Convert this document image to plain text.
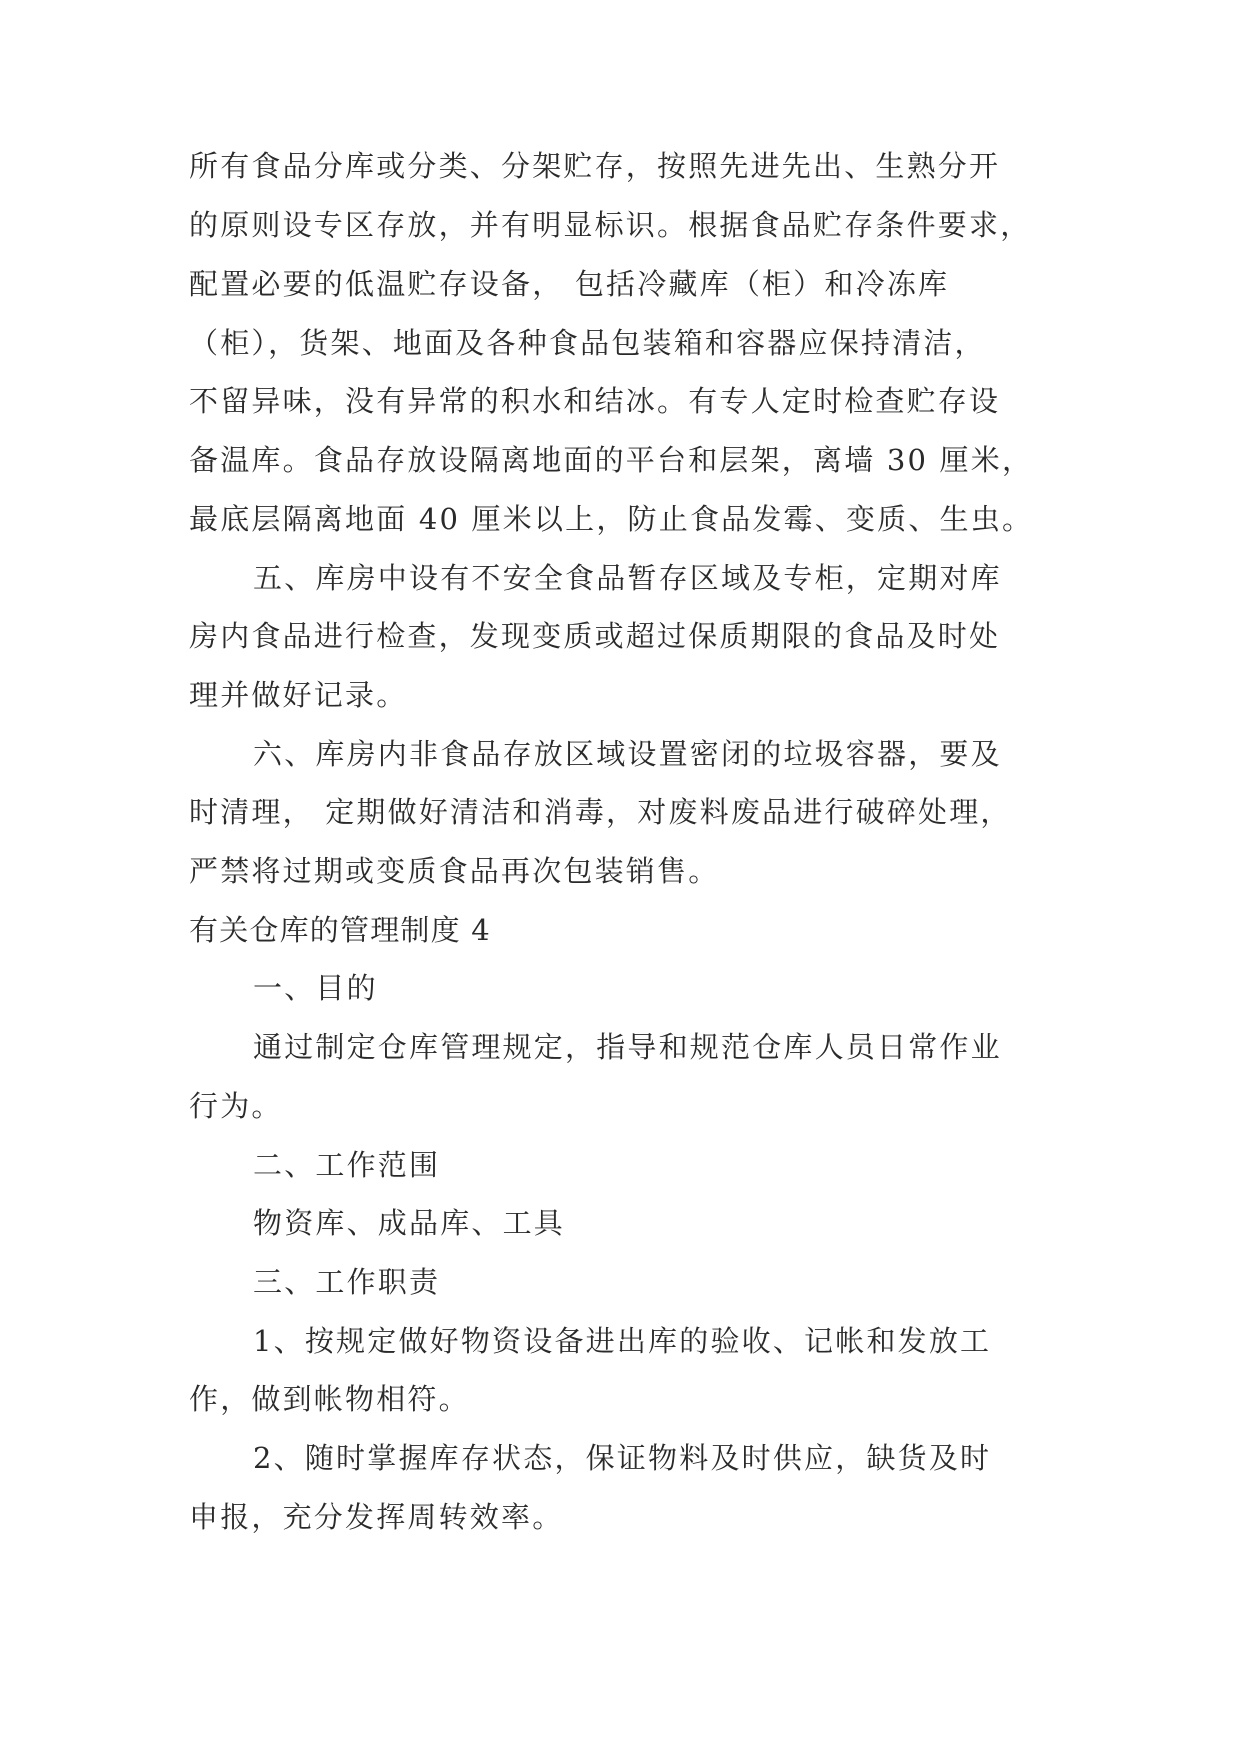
所有食品分库或分类、分架贮存，按照先进先出、生熟分开
的原则设专区存放，并有明显标识。根据食品贮存条件要求，
配置必要的低温贮存设备， 包括冷藏库（柜）和冷冻库
（柜），货架、地面及各种食品包装箱和容器应保持清洁，
不留异味，没有异常的积水和结冰。有专人定时检查贮存设
备温库。食品存放设隔离地面的平台和层架，离墙 30 厘米，
最底层隔离地面 40 厘米以上，防止食品发霉、变质、生虫。
五、库房中设有不安全食品暂存区域及专柜，定期对库
房内食品进行检查，发现变质或超过保质期限的食品及时处
理并做好记录。
六、库房内非食品存放区域设置密闭的垃圾容器，要及
时清理， 定期做好清洁和消毒，对废料废品进行破碎处理，
严禁将过期或变质食品再次包装销售。
有关仓库的管理制度 4
一、目的
通过制定仓库管理规定，指导和规范仓库人员日常作业
行为。
二、工作范围
物资库、成品库、工具
三、工作职责
1、按规定做好物资设备进出库的验收、记帐和发放工
作，做到帐物相符。
2、随时掌握库存状态，保证物料及时供应，缺货及时
申报，充分发挥周转效率。
